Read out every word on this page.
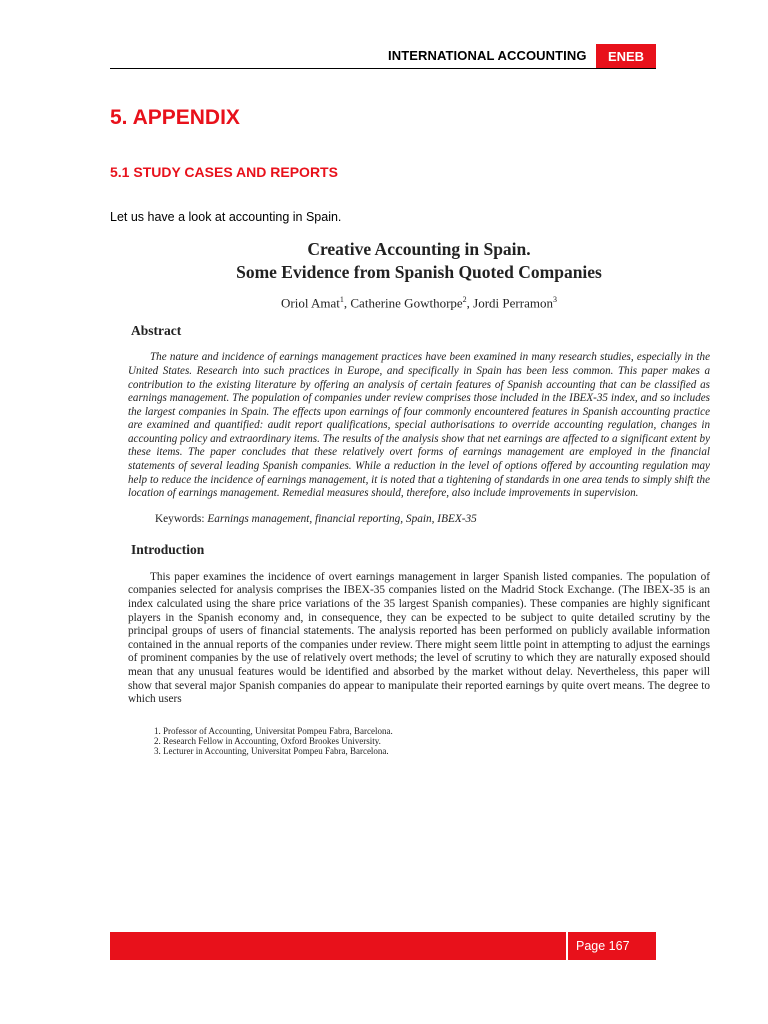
INTERNATIONAL ACCOUNTING	ENEB
5. APPENDIX
5.1 STUDY CASES AND REPORTS

Let us have a look at accounting in Spain.

Creative Accounting in Spain.
Some Evidence from Spanish Quoted Companies

Oriol Amat$^1$, Catherine Gowthorpe$^2$, Jordi Perramon$^3$

Abstract

The nature and incidence of earnings management practices have been examined in many research studies, especially in the United States. Research into such practices in Europe, and specifically in Spain has been less common. This paper makes a contribution to the existing literature by offering an analysis of certain features of Spanish accounting that can be classified as earnings management. The population of companies under review comprises those included in the IBEX-35 index, and so includes the largest companies in Spain. The effects upon earnings of four commonly encountered features in Spanish accounting practice are examined and quantified: audit report qualifications, special authorisations to override accounting regulation, changes in accounting policy and extraordinary items. The results of the analysis show that net earnings are affected to a significant extent by these items. The paper concludes that these relatively overt forms of earnings management are employed in the financial statements of several leading Spanish companies. While a reduction in the level of options offered by accounting regulation may help to reduce the incidence of earnings management, it is noted that a tightening of standards in one area tends to simply shift the location of earnings management. Remedial measures should, therefore, also include improvements in supervision.

Keywords: Earnings management, financial reporting, Spain, IBEX-35

Introduction

This paper examines the incidence of overt earnings management in larger Spanish listed companies. The population of companies selected for analysis comprises the IBEX-35 companies listed on the Madrid Stock Exchange. (The IBEX-35 is an index calculated using the share price variations of the 35 largest Spanish companies). These companies are highly significant players in the Spanish economy and, in consequence, they can be expected to be subject to quite detailed scrutiny by the principal groups of users of financial statements. The analysis reported has been performed on publicly available information contained in the annual reports of the companies under review. There might seem little point in attempting to adjust the earnings of prominent companies by the use of relatively overt methods; the level of scrutiny to which they are naturally exposed should mean that any unusual features would be identified and absorbed by the market without delay. Nevertheless, this paper will show that several major Spanish companies do appear to manipulate their reported earnings by quite overt means. The degree to which users

1. Professor of Accounting, Universitat Pompeu Fabra, Barcelona.
2. Research Fellow in Accounting, Oxford Brookes University.
3. Lecturer in Accounting, Universitat Pompeu Fabra, Barcelona.
Page 167
